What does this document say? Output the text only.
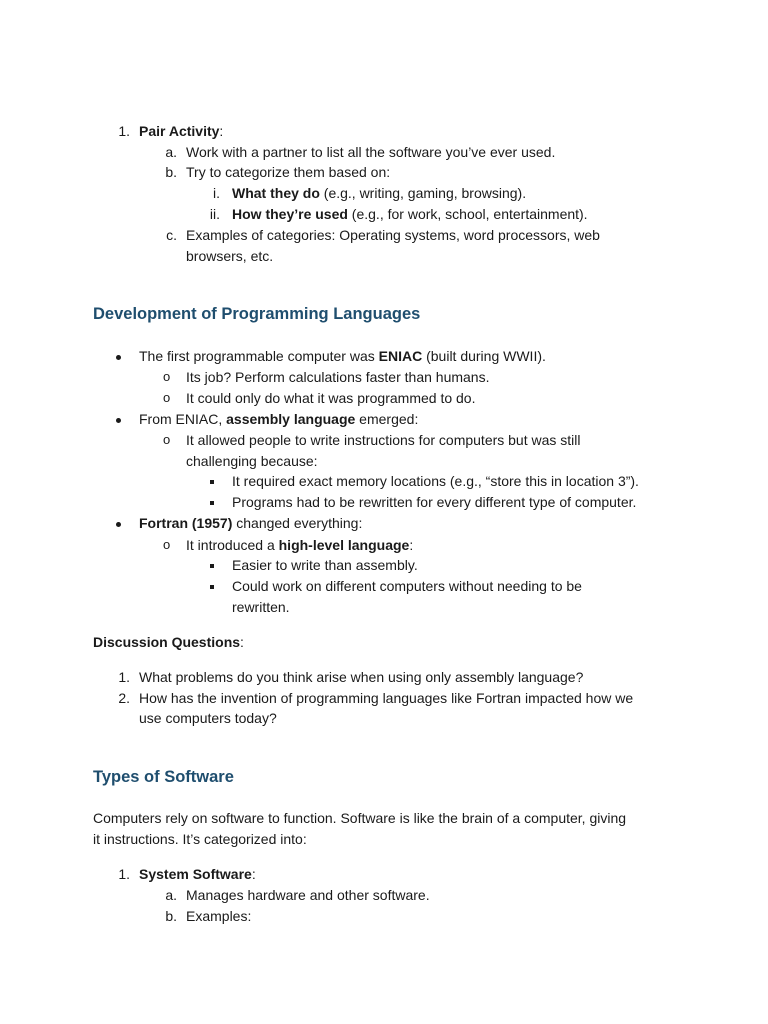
1. Pair Activity:
a. Work with a partner to list all the software you’ve ever used.
b. Try to categorize them based on:
i. What they do (e.g., writing, gaming, browsing).
ii. How they’re used (e.g., for work, school, entertainment).
c. Examples of categories: Operating systems, word processors, web
browsers, etc.
Development of Programming Languages
The first programmable computer was ENIAC (built during WWII).
o Its job? Perform calculations faster than humans.
o It could only do what it was programmed to do.
From ENIAC, assembly language emerged:
o It allowed people to write instructions for computers but was still
challenging because:
It required exact memory locations (e.g., “store this in location 3”).
Programs had to be rewritten for every different type of computer.
Fortran (1957) changed everything:
o It introduced a high-level language:
Easier to write than assembly.
Could work on different computers without needing to be
rewritten.
Discussion Questions:
1. What problems do you think arise when using only assembly language?
2. How has the invention of programming languages like Fortran impacted how we
use computers today?
Types of Software
Computers rely on software to function. Software is like the brain of a computer, giving
it instructions. It’s categorized into:
1. System Software:
a. Manages hardware and other software.
b. Examples:
